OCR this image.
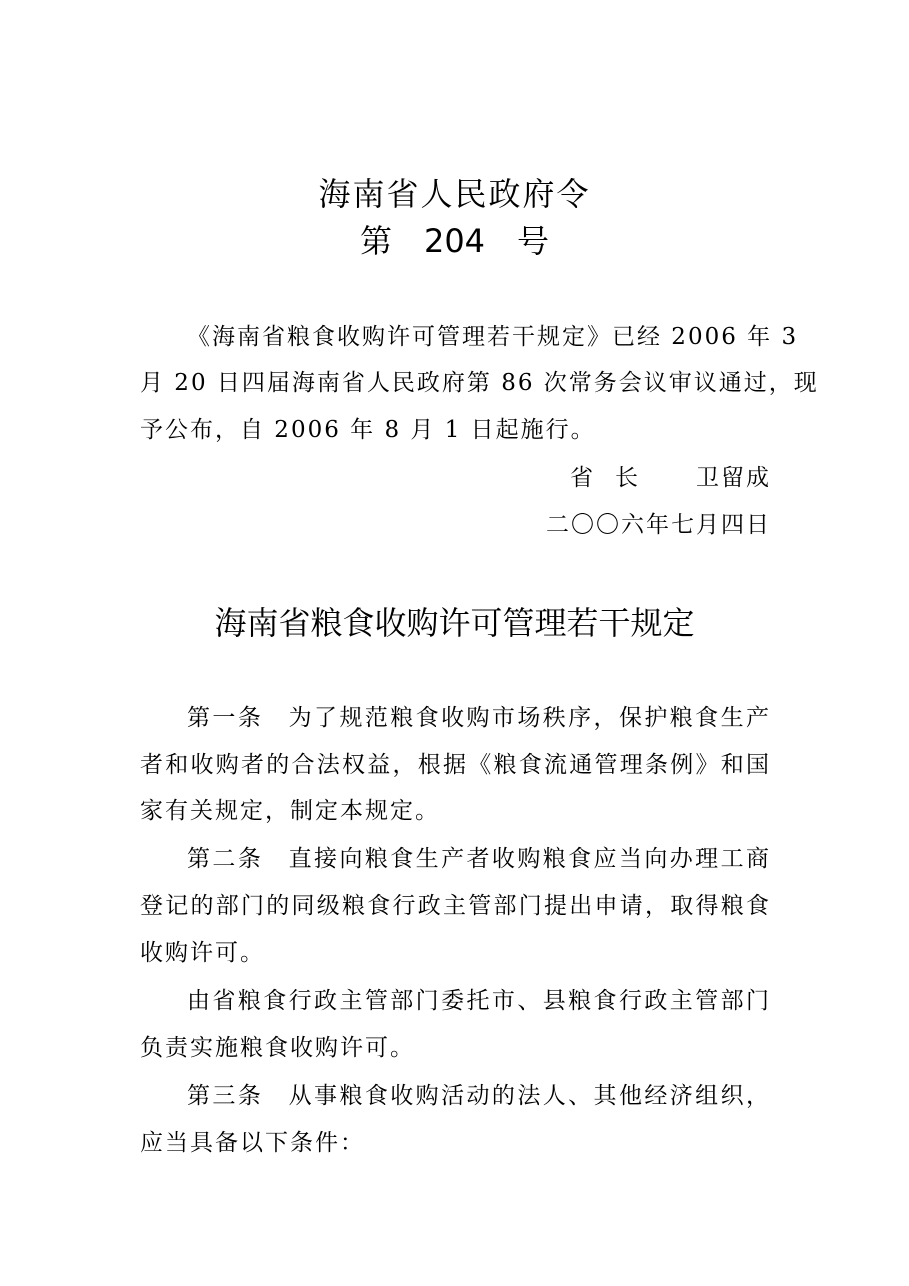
海南省人民政府令
第 204 号
《海南省粮食收购许可管理若干规定》已经 2006 年 3
月 20 日四届海南省人民政府第 86 次常务会议审议通过，现
予公布，自 2006 年 8 月 1 日起施行。
省长 卫留成
二〇〇六年七月四日
海南省粮食收购许可管理若干规定
第一条　为了规范粮食收购市场秩序，保护粮食生产
者和收购者的合法权益，根据《粮食流通管理条例》和国
家有关规定，制定本规定。
第二条　直接向粮食生产者收购粮食应当向办理工商
登记的部门的同级粮食行政主管部门提出申请，取得粮食
收购许可。
由省粮食行政主管部门委托市、县粮食行政主管部门
负责实施粮食收购许可。
第三条　从事粮食收购活动的法人、其他经济组织，
应当具备以下条件：
